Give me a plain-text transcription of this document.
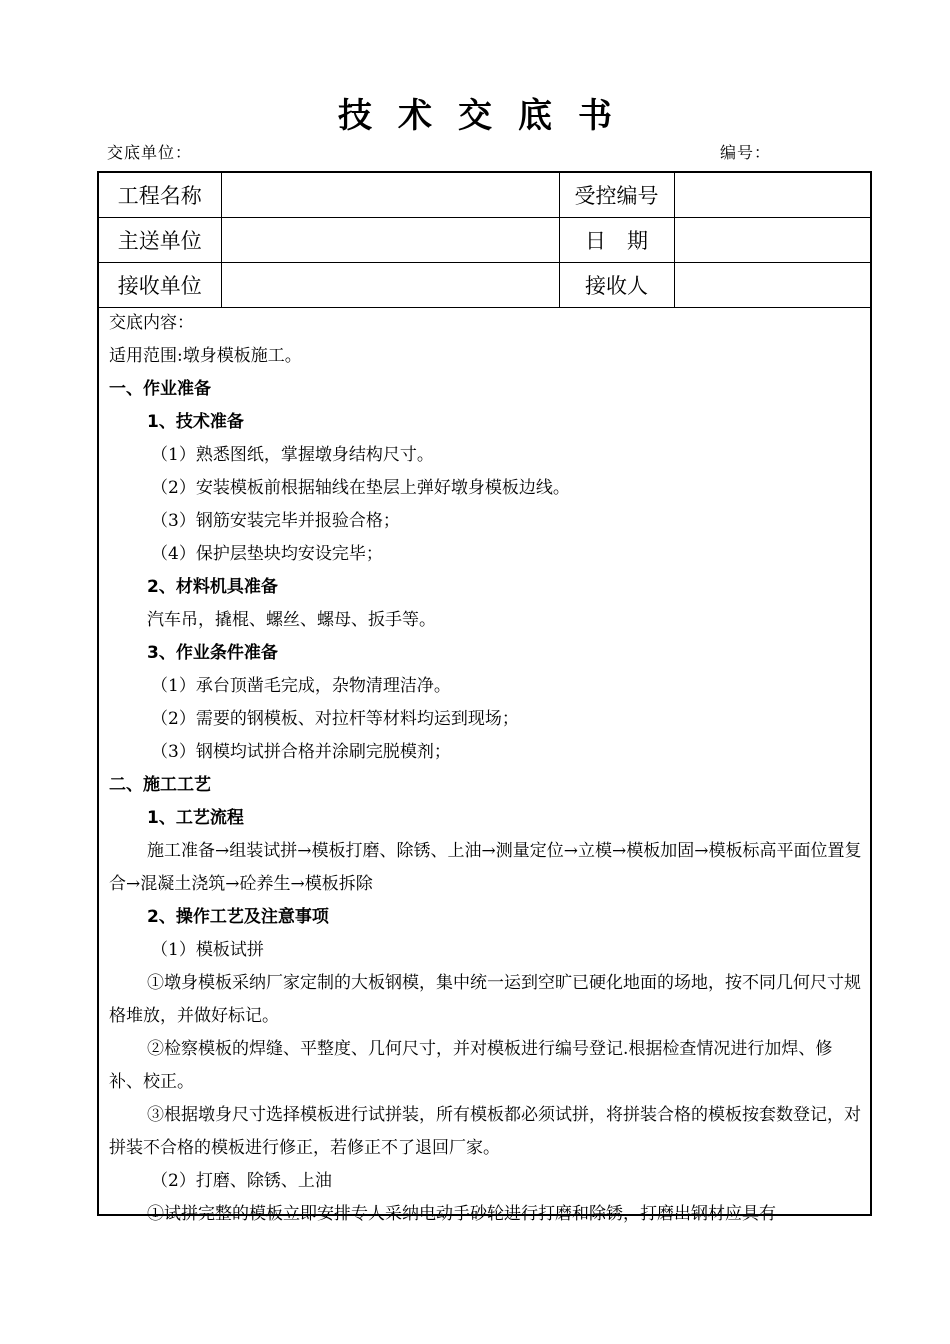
技术交底书
交底单位：	编号：
工程名称		受控编号	
主送单位		日　期	
接收单位		接收人	

交底内容：

适用范围:墩身模板施工。

一、作业准备

1、技术准备

（1）熟悉图纸，掌握墩身结构尺寸。

（2）安装模板前根据轴线在垫层上弹好墩身模板边线。

（3）钢筋安装完毕并报验合格；

（4）保护层垫块均安设完毕；

2、材料机具准备

汽车吊，撬棍、螺丝、螺母、扳手等。

3、作业条件准备

（1）承台顶凿毛完成，杂物清理洁净。

（2）需要的钢模板、对拉杆等材料均运到现场；

（3）钢模均试拼合格并涂刷完脱模剂；

二、施工工艺

1、工艺流程

施工准备→组装试拼→模板打磨、除锈、上油→测量定位→立模→模板加固→模板标高平面位置复合→混凝土浇筑→砼养生→模板拆除

2、操作工艺及注意事项

（1）模板试拼

①墩身模板采纳厂家定制的大板钢模，集中统一运到空旷已硬化地面的场地，按不同几何尺寸规格堆放，并做好标记。

②检察模板的焊缝、平整度、几何尺寸，并对模板进行编号登记.根据检查情况进行加焊、修补、校正。

③根据墩身尺寸选择模板进行试拼装，所有模板都必须试拼，将拼装合格的模板按套数登记，对拼装不合格的模板进行修正，若修正不了退回厂家。

（2）打磨、除锈、上油

①试拼完整的模板立即安排专人采纳电动手砂轮进行打磨和除锈，打磨出钢材应具有
